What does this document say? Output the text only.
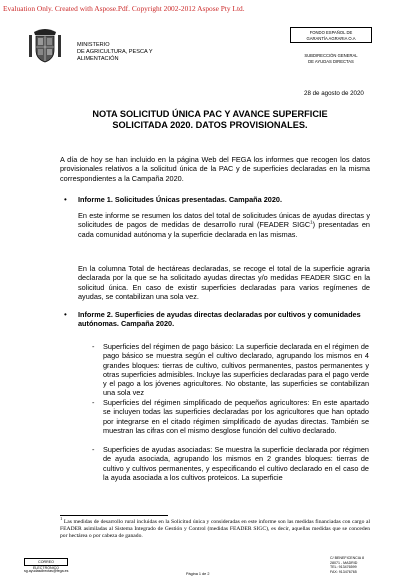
Evaluation Only. Created with Aspose.Pdf. Copyright 2002-2012 Aspose Pty Ltd.
MINISTERIO
DE AGRICULTURA, PESCA Y
ALIMENTACIÓN
FONDO ESPAÑOL DE
GARANTÍA AGRARIA O.A
SUBDIRECCIÓN GENERAL
DE AYUDAS DIRECTAS
28 de agosto de 2020
NOTA SOLICITUD ÚNICA PAC Y AVANCE SUPERFICIE
SOLICITADA 2020. DATOS PROVISIONALES.
A día de hoy se han incluido en la página Web del FEGA los informes que recogen los datos provisionales relativos a la solicitud única de la PAC y de superficies declaradas en la misma correspondientes a la Campaña 2020.
• Informe 1. Solicitudes Únicas presentadas. Campaña 2020.
En este informe se resumen los datos del total de solicitudes únicas de ayudas directas y solicitudes de pagos de medidas de desarrollo rural (FEADER SIGC$^1$) presentadas en cada comunidad autónoma y la superficie declarada en las mismas.
En la columna Total de hectáreas declaradas, se recoge el total de la superficie agraria declarada por la que se ha solicitado ayudas directas y/o medidas FEADER SIGC en la solicitud única. En caso de existir superficies declaradas para varios regímenes de ayudas, se contabilizan una sola vez.
• Informe 2. Superficies de ayudas directas declaradas por cultivos y comunidades autónomas. Campaña 2020.
- Superficies del régimen de pago básico: La superficie declarada en el régimen de pago básico se muestra según el cultivo declarado, agrupando los mismos en 4 grandes bloques: tierras de cultivo, cultivos permanentes, pastos permanentes y otras superficies admisibles. Incluye las superficies declaradas para el pago verde y el pago a los jóvenes agricultores. No obstante, las superficies se contabilizan una sola vez
- Superficies del régimen simplificado de pequeños agricultores: En este apartado se incluyen todas las superficies declaradas por los agricultores que han optado por integrarse en el citado régimen simplificado de ayudas directas. También se muestran las cifras con el mismo desglose función del cultivo declarado.
- Superficies de ayudas asociadas: Se muestra la superficie declarada por régimen de ayuda asociada, agrupando los mismos en 2 grandes bloques: tierras de cultivo y cultivos permanentes, y especificando el cultivo declarado en el caso de la ayuda asociada a los cultivos proteicos. La superficie
$^1$ Las medidas de desarrollo rural incluidas en la Solicitud única y consideradas en este informe son las medidas financiadas con cargo al FEADER asimiladas al Sistema Integrado de Gestión y Control (medidas FEADER SIGC), es decir, aquellas medidas que se conceden por hectárea o por cabeza de ganado.
CORREO ELECTRÓNICO
sg.ayudasdirectas@fega.es
Página 1 de 2
C/ BENEFICENCIA 8
28071 - MADRID
TEL: 913476599
FAX: 913476765
